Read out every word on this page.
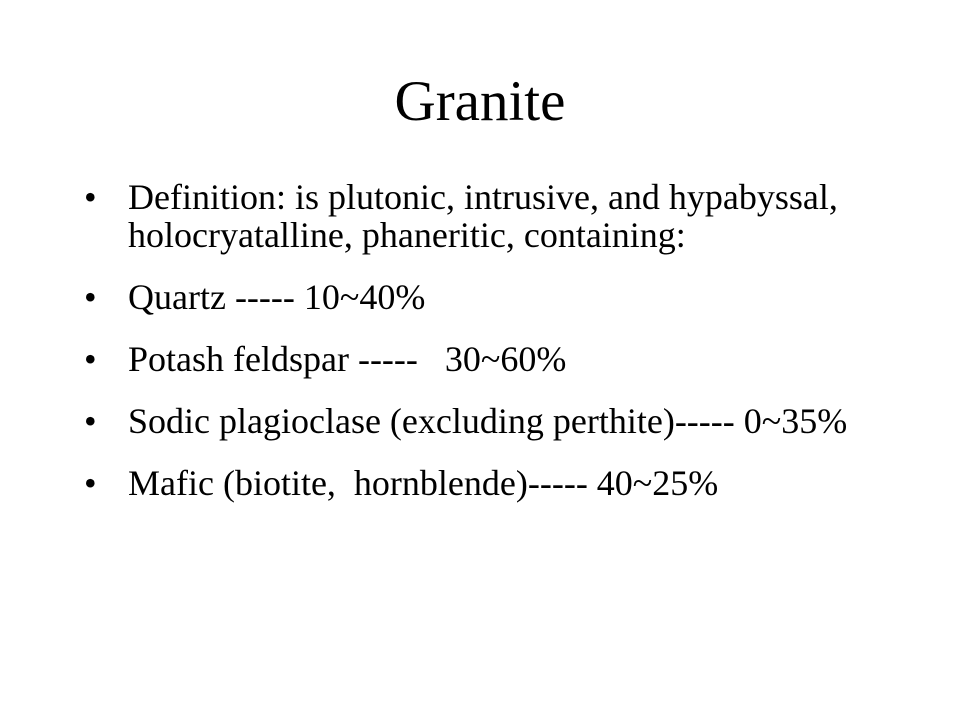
Granite
• Definition: is plutonic, intrusive, and hypabyssal, holocryatalline, phaneritic, containing:
• Quartz ----- 10~40%
• Potash feldspar -----   30~60%
• Sodic plagioclase (excluding perthite)----- 0~35%
• Mafic (biotite,  hornblende)----- 40~25%
